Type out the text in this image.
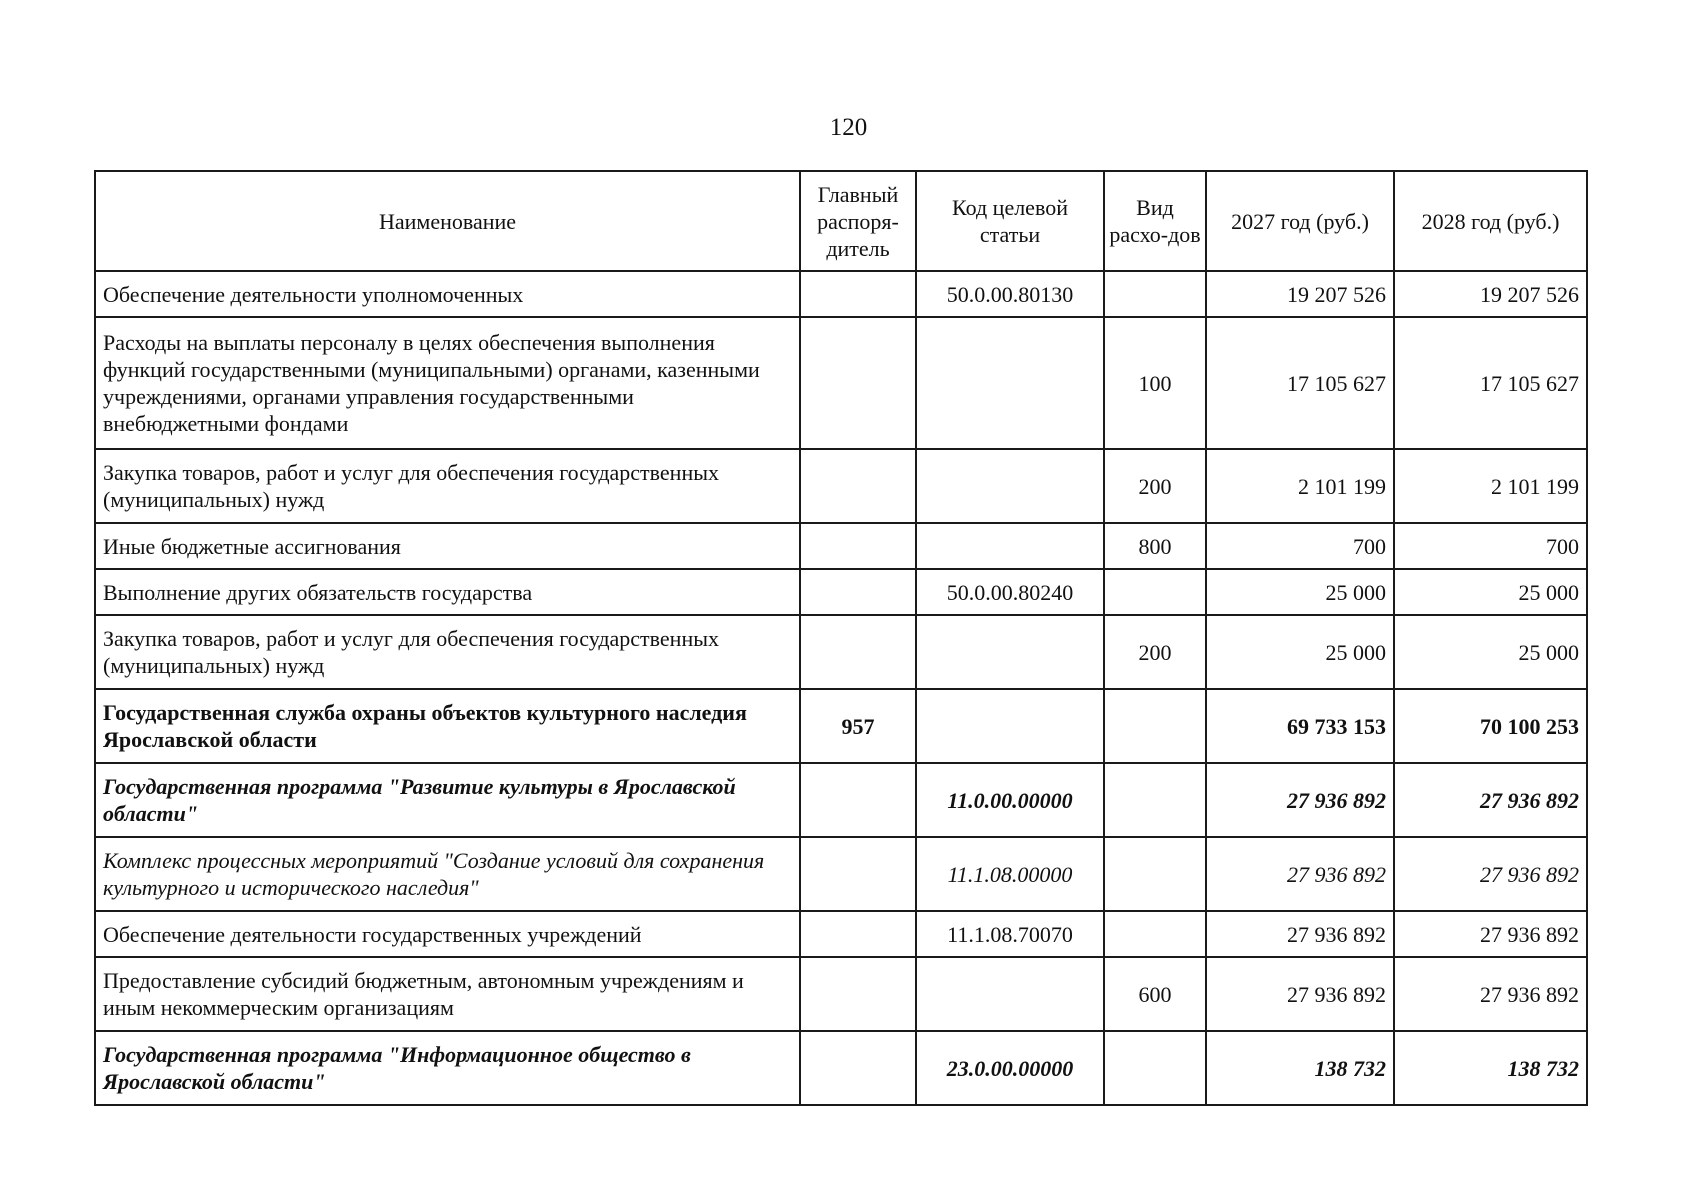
120
Наименование	Главный распоря-дитель	Код целевой статьи	Вид расхо-дов	2027 год (руб.)	2028 год (руб.)
Обеспечение деятельности уполномоченных		50.0.00.80130		19 207 526	19 207 526
Расходы на выплаты персоналу в целях обеспечения выполнения функций государственными (муниципальными) органами, казенными учреждениями, органами управления государственными внебюджетными фондами			100	17 105 627	17 105 627
Закупка товаров, работ и услуг для обеспечения государственных (муниципальных) нужд			200	2 101 199	2 101 199
Иные бюджетные ассигнования			800	700	700
Выполнение других обязательств государства		50.0.00.80240		25 000	25 000
Закупка товаров, работ и услуг для обеспечения государственных (муниципальных) нужд			200	25 000	25 000
Государственная служба охраны объектов культурного наследия Ярославской области	957			69 733 153	70 100 253
Государственная программа "Развитие культуры в Ярославской области"		11.0.00.00000		27 936 892	27 936 892
Комплекс процессных мероприятий "Создание условий для сохранения культурного и исторического наследия"		11.1.08.00000		27 936 892	27 936 892
Обеспечение деятельности государственных учреждений		11.1.08.70070		27 936 892	27 936 892
Предоставление субсидий бюджетным, автономным учреждениям и иным некоммерческим организациям			600	27 936 892	27 936 892
Государственная программа "Информационное общество в Ярославской области"		23.0.00.00000		138 732	138 732
